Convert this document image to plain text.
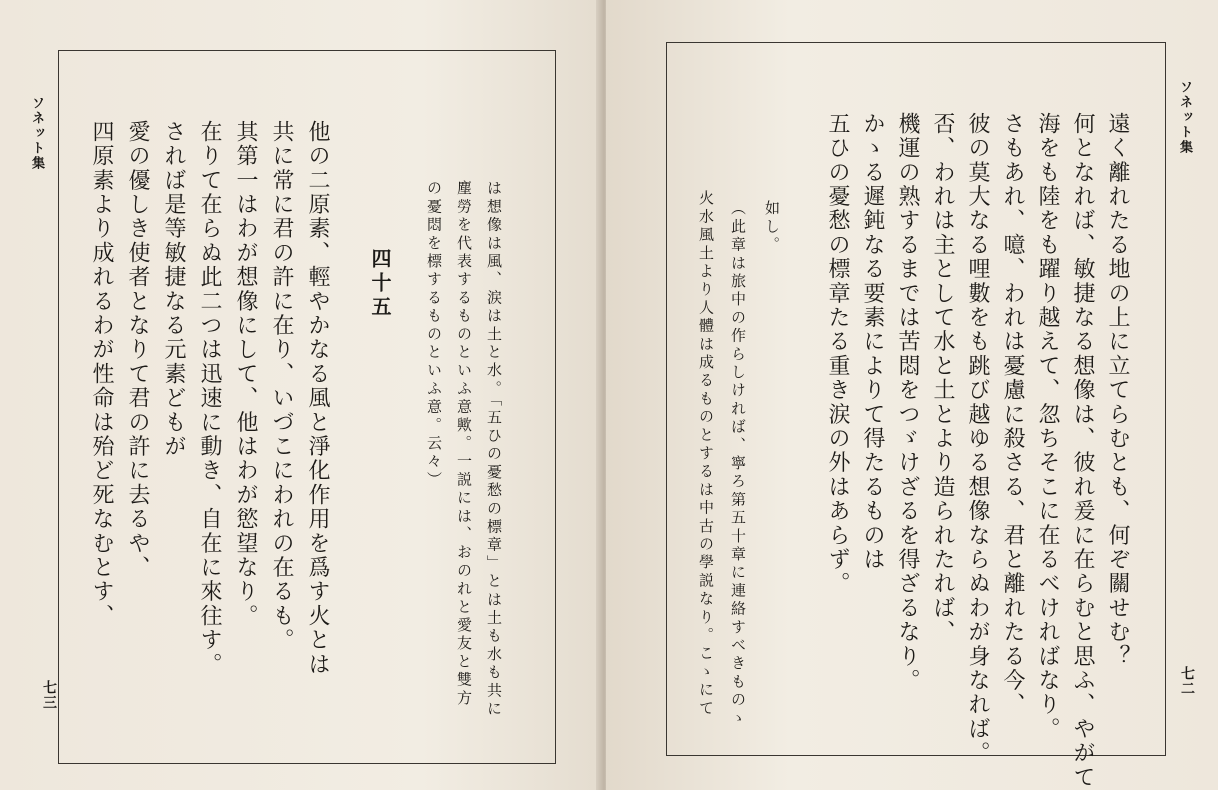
ソネット集
七三	は想像は風、涙は土と水。「五ひの憂愁の標章」とは土も水も共に
塵勞を代表するものといふ意歟。一説には、おのれと愛友と雙方
の憂悶を標するものといふ意。云々）
四十五
他の二原素、輕やかなる風と淨化作用を爲す火とは
共に常に君の許に在り、いづこにわれの在るも。
其第一はわが想像にして、他はわが慾望なり。
在りて在らぬ此二つは迅速に動き、自在に來往す。
されば是等敏捷なる元素どもが
愛の優しき使者となりて君の許に去るや、
四原素より成れるわが性命は殆ど死なむとす、
ソネット集
七二
遠く離れたる地の上に立てらむとも、何ぞ關せむ？
何となれば、敏捷なる想像は、彼れ爰に在らむと思ふ、やがて
海をも陸をも躍り越えて、忽ちそこに在るべければなり。
さもあれ、噫、われは憂慮に殺さる、君と離れたる今、
彼の莫大なる哩數をも跳び越ゆる想像ならぬわが身なれば。
否、われは主として水と土とより造られたれば、
機運の熟するまでは苦悶をつゞけざるを得ざるなり。
かゝる遲鈍なる要素によりて得たるものは
五ひの憂愁の標章たる重き涙の外はあらず。
如し。
（此章は旅中の作らしければ、寧ろ第五十章に連絡すべきものゝ
火水風土より人體は成るものとするは中古の學説なり。こゝにて
